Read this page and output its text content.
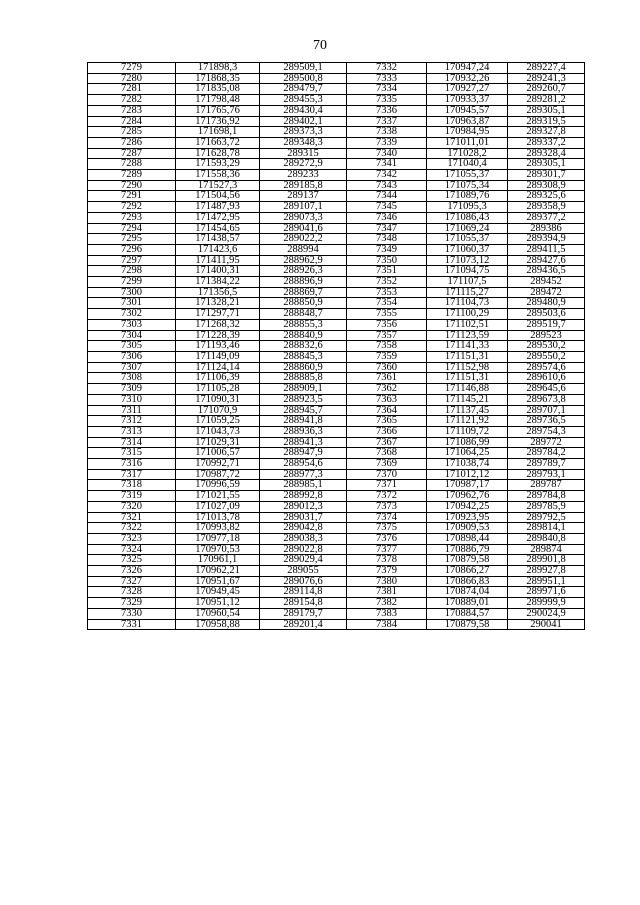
70
7279	171898,3	289509,1	7332	170947,24	289227,4
7280	171868,35	289500,8	7333	170932,26	289241,3
7281	171835,08	289479,7	7334	170927,27	289260,7
7282	171798,48	289455,3	7335	170933,37	289281,2
7283	171765,76	289430,4	7336	170945,57	289305,1
7284	171736,92	289402,1	7337	170963,87	289319,5
7285	171698,1	289373,3	7338	170984,95	289327,8
7286	171663,72	289348,3	7339	171011,01	289337,2
7287	171628,78	289315	7340	171028,2	289328,4
7288	171593,29	289272,9	7341	171040,4	289305,1
7289	171558,36	289233	7342	171055,37	289301,7
7290	171527,3	289185,8	7343	171075,34	289308,9
7291	171504,56	289137	7344	171089,76	289325,6
7292	171487,93	289107,1	7345	171095,3	289358,9
7293	171472,95	289073,3	7346	171086,43	289377,2
7294	171454,65	289041,6	7347	171069,24	289386
7295	171438,57	289022,2	7348	171055,37	289394,9
7296	171423,6	288994	7349	171060,37	289411,5
7297	171411,95	288962,9	7350	171073,12	289427,6
7298	171400,31	288926,3	7351	171094,75	289436,5
7299	171384,22	288896,9	7352	171107,5	289452
7300	171356,5	288869,7	7353	171115,27	289472
7301	171328,21	288850,9	7354	171104,73	289480,9
7302	171297,71	288848,7	7355	171100,29	289503,6
7303	171268,32	288855,3	7356	171102,51	289519,7
7304	171228,39	288840,9	7357	171123,59	289523
7305	171193,46	288832,6	7358	171141,33	289530,2
7306	171149,09	288845,3	7359	171151,31	289550,2
7307	171124,14	288860,9	7360	171152,98	289574,6
7308	171106,39	288885,8	7361	171151,31	289610,6
7309	171105,28	288909,1	7362	171146,88	289645,6
7310	171090,31	288923,5	7363	171145,21	289673,8
7311	171070,9	288945,7	7364	171137,45	289707,1
7312	171059,25	288941,8	7365	171121,92	289736,5
7313	171043,73	288936,3	7366	171109,72	289754,3
7314	171029,31	288941,3	7367	171086,99	289772
7315	171006,57	288947,9	7368	171064,25	289784,2
7316	170992,71	288954,6	7369	171038,74	289789,7
7317	170987,72	288977,3	7370	171012,12	289793,1
7318	170996,59	288985,1	7371	170987,17	289787
7319	171021,55	288992,8	7372	170962,76	289784,8
7320	171027,09	289012,3	7373	170942,25	289785,9
7321	171013,78	289031,7	7374	170923,95	289792,5
7322	170993,82	289042,8	7375	170909,53	289814,1
7323	170977,18	289038,3	7376	170898,44	289840,8
7324	170970,53	289022,8	7377	170886,79	289874
7325	170961,1	289029,4	7378	170879,58	289901,8
7326	170962,21	289055	7379	170866,27	289927,8
7327	170951,67	289076,6	7380	170866,83	289951,1
7328	170949,45	289114,8	7381	170874,04	289971,6
7329	170951,12	289154,8	7382	170889,01	289999,9
7330	170960,54	289179,7	7383	170884,57	290024,9
7331	170958,88	289201,4	7384	170879,58	290041
